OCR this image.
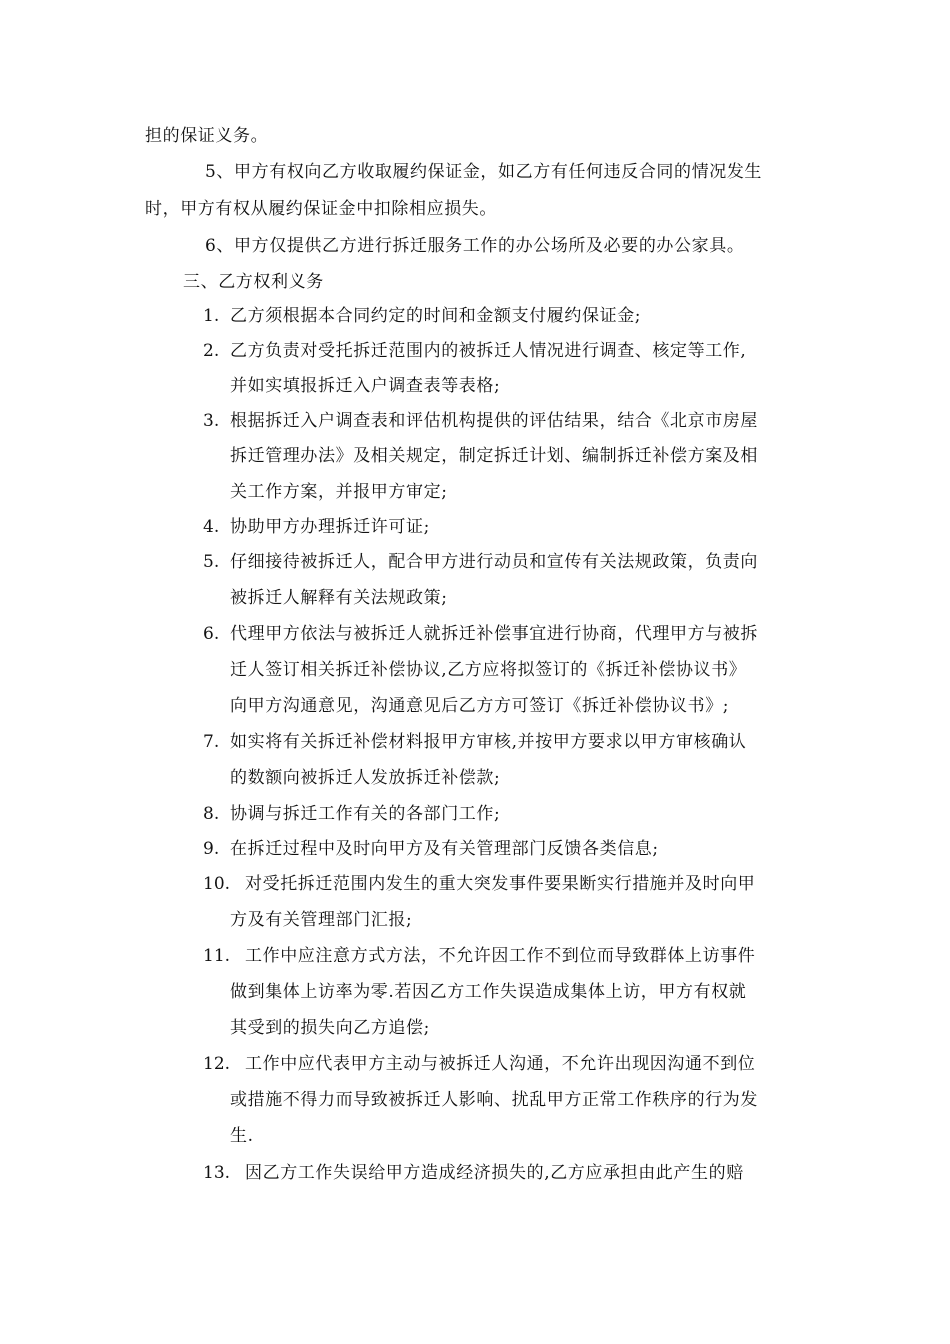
担的保证义务。
5、甲方有权向乙方收取履约保证金，如乙方有任何违反合同的情况发生
时，甲方有权从履约保证金中扣除相应损失。
6、甲方仅提供乙方进行拆迁服务工作的办公场所及必要的办公家具。
三、乙方权利义务
1. 乙方须根据本合同约定的时间和金额支付履约保证金;
2. 乙方负责对受托拆迁范围内的被拆迁人情况进行调查、核定等工作,
并如实填报拆迁入户调查表等表格;
3. 根据拆迁入户调查表和评估机构提供的评估结果，结合《北京市房屋
拆迁管理办法》及相关规定，制定拆迁计划、编制拆迁补偿方案及相
关工作方案，并报甲方审定;
4. 协助甲方办理拆迁许可证;
5. 仔细接待被拆迁人，配合甲方进行动员和宣传有关法规政策，负责向
被拆迁人解释有关法规政策;
6. 代理甲方依法与被拆迁人就拆迁补偿事宜进行协商，代理甲方与被拆
迁人签订相关拆迁补偿协议,乙方应将拟签订的《拆迁补偿协议书》
向甲方沟通意见，沟通意见后乙方方可签订《拆迁补偿协议书》;
7. 如实将有关拆迁补偿材料报甲方审核,并按甲方要求以甲方审核确认
的数额向被拆迁人发放拆迁补偿款;
8. 协调与拆迁工作有关的各部门工作;
9. 在拆迁过程中及时向甲方及有关管理部门反馈各类信息;
10. 对受托拆迁范围内发生的重大突发事件要果断实行措施并及时向甲
方及有关管理部门汇报;
11. 工作中应注意方式方法，不允许因工作不到位而导致群体上访事件
做到集体上访率为零.若因乙方工作失误造成集体上访，甲方有权就
其受到的损失向乙方追偿;
12. 工作中应代表甲方主动与被拆迁人沟通，不允许出现因沟通不到位
或措施不得力而导致被拆迁人影响、扰乱甲方正常工作秩序的行为发
生.
13. 因乙方工作失误给甲方造成经济损失的,乙方应承担由此产生的赔
